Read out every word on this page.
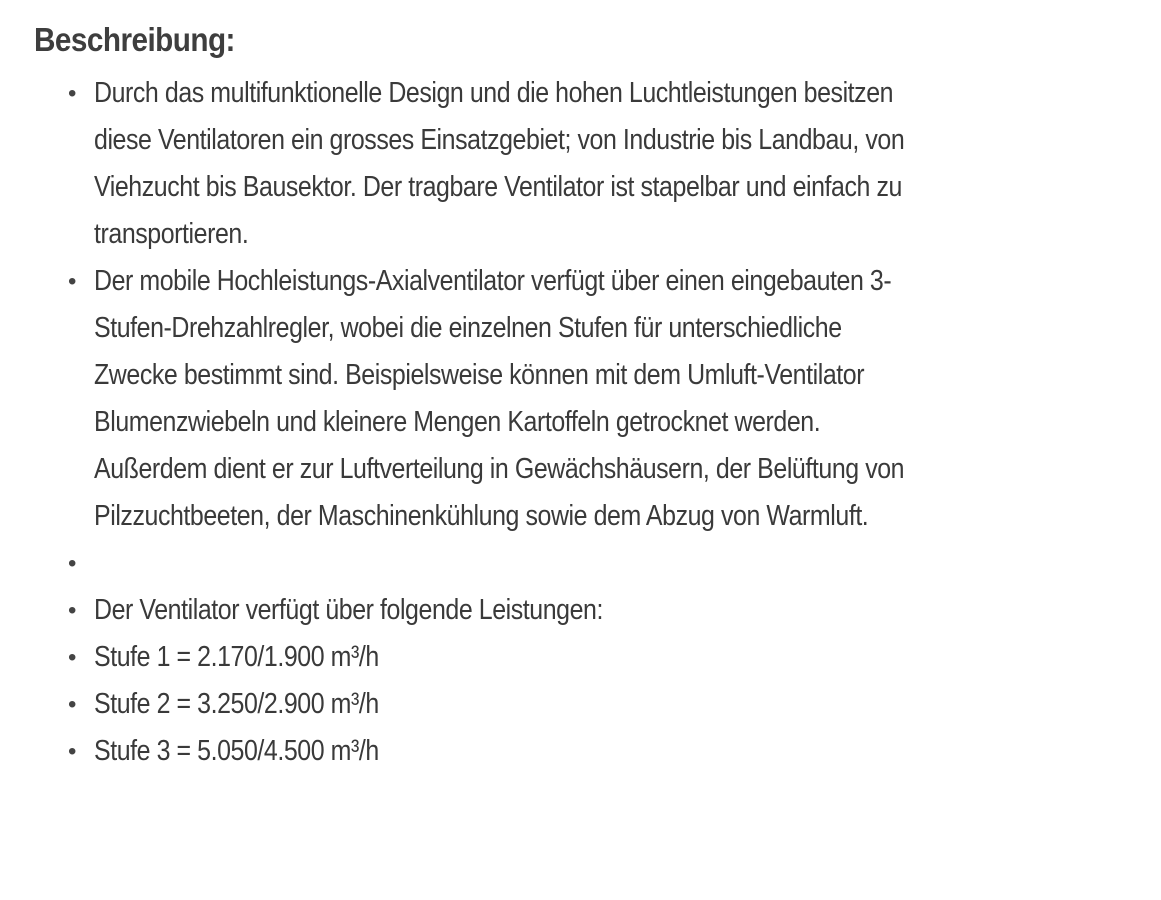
Beschreibung:
• Durch das multifunktionelle Design und die hohen Luchtleistungen besitzen
diese Ventilatoren ein grosses Einsatzgebiet; von Industrie bis Landbau, von
Viehzucht bis Bausektor. Der tragbare Ventilator ist stapelbar und einfach zu
transportieren.
• Der mobile Hochleistungs-Axialventilator verfügt über einen eingebauten 3-
Stufen-Drehzahlregler, wobei die einzelnen Stufen für unterschiedliche
Zwecke bestimmt sind. Beispielsweise können mit dem Umluft-Ventilator
Blumenzwiebeln und kleinere Mengen Kartoffeln getrocknet werden.
Außerdem dient er zur Luftverteilung in Gewächshäusern, der Belüftung von
Pilzzuchtbeeten, der Maschinenkühlung sowie dem Abzug von Warmluft.
•
• Der Ventilator verfügt über folgende Leistungen:
• Stufe 1 = 2.170/1.900 m³/h
• Stufe 2 = 3.250/2.900 m³/h
• Stufe 3 = 5.050/4.500 m³/h
